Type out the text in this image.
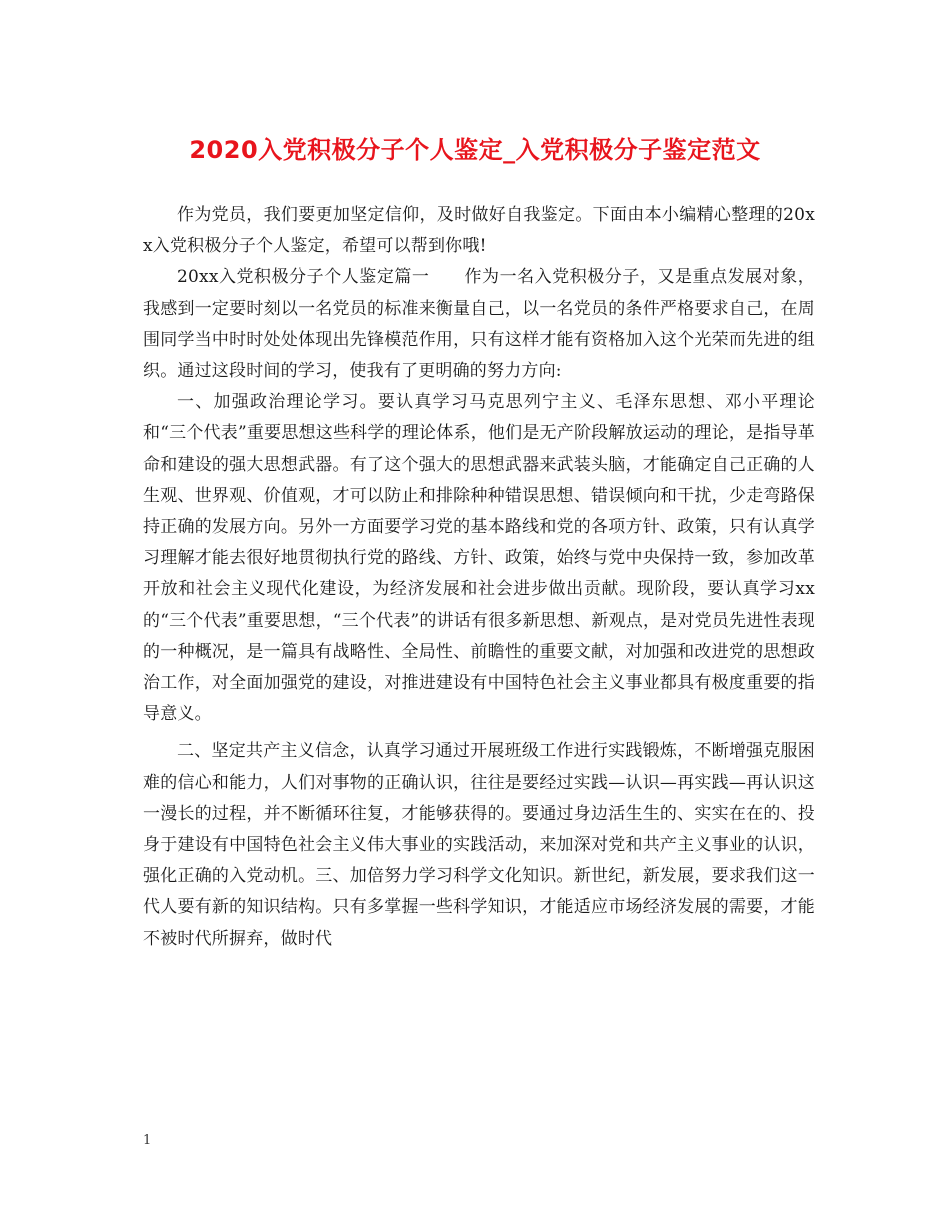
2020入党积极分子个人鉴定_入党积极分子鉴定范文

作为党员，我们要更加坚定信仰，及时做好自我鉴定。下面由本小编精心整理的20xx入党积极分子个人鉴定，希望可以帮到你哦!

20xx入党积极分子个人鉴定篇一　　作为一名入党积极分子，又是重点发展对象，我感到一定要时刻以一名党员的标准来衡量自己，以一名党员的条件严格要求自己，在周围同学当中时时处处体现出先锋模范作用，只有这样才能有资格加入这个光荣而先进的组织。通过这段时间的学习，使我有了更明确的努力方向:

一、加强政治理论学习。要认真学习马克思列宁主义、毛泽东思想、邓小平理论和“三个代表”重要思想这些科学的理论体系，他们是无产阶段解放运动的理论，是指导革命和建设的强大思想武器。有了这个强大的思想武器来武装头脑，才能确定自己正确的人生观、世界观、价值观，才可以防止和排除种种错误思想、错误倾向和干扰，少走弯路保持正确的发展方向。另外一方面要学习党的基本路线和党的各项方针、政策，只有认真学习理解才能去很好地贯彻执行党的路线、方针、政策，始终与党中央保持一致，参加改革开放和社会主义现代化建设，为经济发展和社会进步做出贡献。现阶段，要认真学习xx的“三个代表”重要思想，“三个代表”的讲话有很多新思想、新观点，是对党员先进性表现的一种概况，是一篇具有战略性、全局性、前瞻性的重要文献，对加强和改进党的思想政治工作，对全面加强党的建设，对推进建设有中国特色社会主义事业都具有极度重要的指导意义。

二、坚定共产主义信念，认真学习通过开展班级工作进行实践锻炼，不断增强克服困难的信心和能力，人们对事物的正确认识，往往是要经过实践—认识—再实践—再认识这一漫长的过程，并不断循环往复，才能够获得的。要通过身边活生生的、实实在在的、投身于建设有中国特色社会主义伟大事业的实践活动，来加深对党和共产主义事业的认识，强化正确的入党动机。三、加倍努力学习科学文化知识。新世纪，新发展，要求我们这一代人要有新的知识结构。只有多掌握一些科学知识，才能适应市场经济发展的需要，才能不被时代所摒弃，做时代

1
